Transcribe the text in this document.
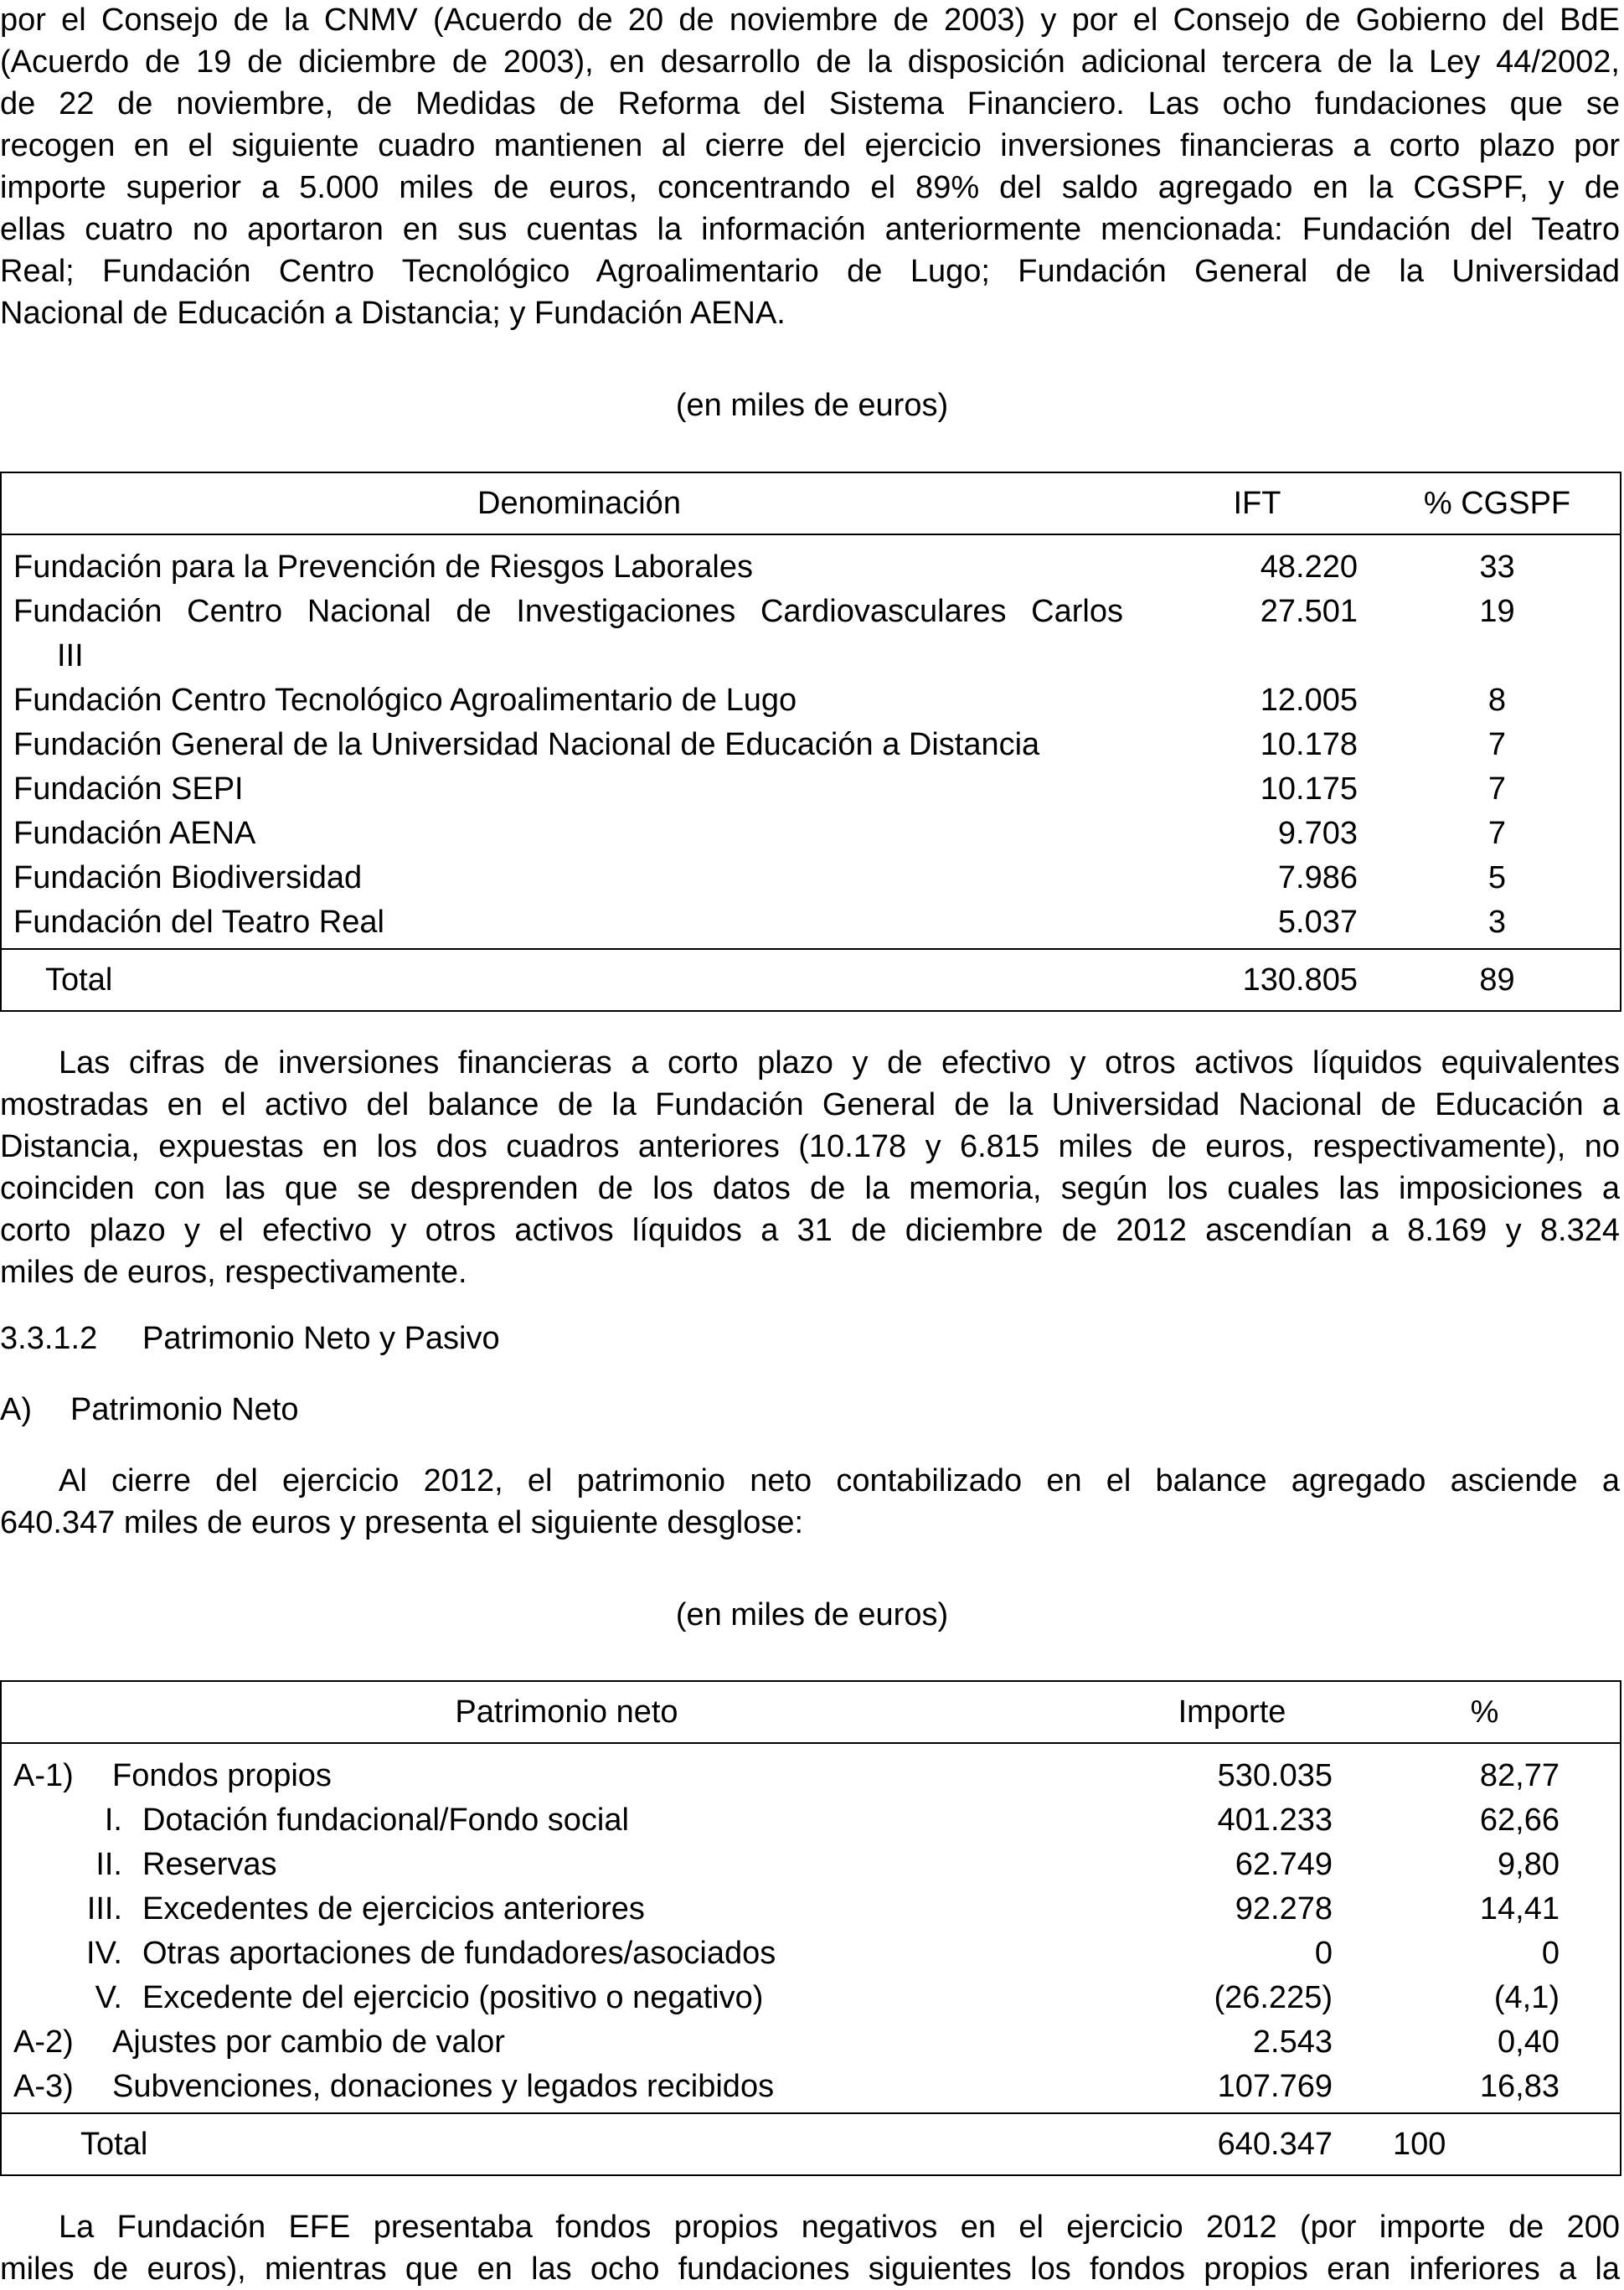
por el Consejo de la CNMV (Acuerdo de 20 de noviembre de 2003) y por el Consejo de Gobierno del BdE
(Acuerdo de 19 de diciembre de 2003), en desarrollo de la disposición adicional tercera de la Ley 44/2002,
de 22 de noviembre, de Medidas de Reforma del Sistema Financiero. Las ocho fundaciones que se
recogen en el siguiente cuadro mantienen al cierre del ejercicio inversiones financieras a corto plazo por
importe superior a 5.000 miles de euros, concentrando el 89% del saldo agregado en la CGSPF, y de
ellas cuatro no aportaron en sus cuentas la información anteriormente mencionada: Fundación del Teatro
Real; Fundación Centro Tecnológico Agroalimentario de Lugo; Fundación General de la Universidad
Nacional de Educación a Distancia; y Fundación AENA.
(en miles de euros)
Denominación	IFT	% CGSPF
Fundación para la Prevención de Riesgos Laborales	48.220	33

Fundación Centro Nacional de Investigaciones Cardiovasculares Carlos
III	27.501	19
Fundación Centro Tecnológico Agroalimentario de Lugo	12.005	8
Fundación General de la Universidad Nacional de Educación a Distancia	10.178	7
Fundación SEPI	10.175	7
Fundación AENA	9.703	7
Fundación Biodiversidad	7.986	5
Fundación del Teatro Real	5.037	3
Total	130.805	89
Las cifras de inversiones financieras a corto plazo y de efectivo y otros activos líquidos equivalentes
mostradas en el activo del balance de la Fundación General de la Universidad Nacional de Educación a
Distancia, expuestas en los dos cuadros anteriores (10.178 y 6.815 miles de euros, respectivamente), no
coinciden con las que se desprenden de los datos de la memoria, según los cuales las imposiciones a
corto plazo y el efectivo y otros activos líquidos a 31 de diciembre de 2012 ascendían a 8.169 y 8.324
miles de euros, respectivamente.
3.3.1.2 Patrimonio Neto y Pasivo
A) Patrimonio Neto
Al cierre del ejercicio 2012, el patrimonio neto contabilizado en el balance agregado asciende a
640.347 miles de euros y presenta el siguiente desglose:
(en miles de euros)
Patrimonio neto	Importe	%
A-1) Fondos propios	530.035	82,77
I. Dotación fundacional/Fondo social	401.233	62,66
II. Reservas	62.749	9,80
III. Excedentes de ejercicios anteriores	92.278	14,41
IV. Otras aportaciones de fundadores/asociados	0	0
V. Excedente del ejercicio (positivo o negativo)	(26.225)	(4,1)
A-2) Ajustes por cambio de valor	2.543	0,40
A-3) Subvenciones, donaciones y legados recibidos	107.769	16,83
Total	640.347	100
La Fundación EFE presentaba fondos propios negativos en el ejercicio 2012 (por importe de 200
miles de euros), mientras que en las ocho fundaciones siguientes los fondos propios eran inferiores a la
